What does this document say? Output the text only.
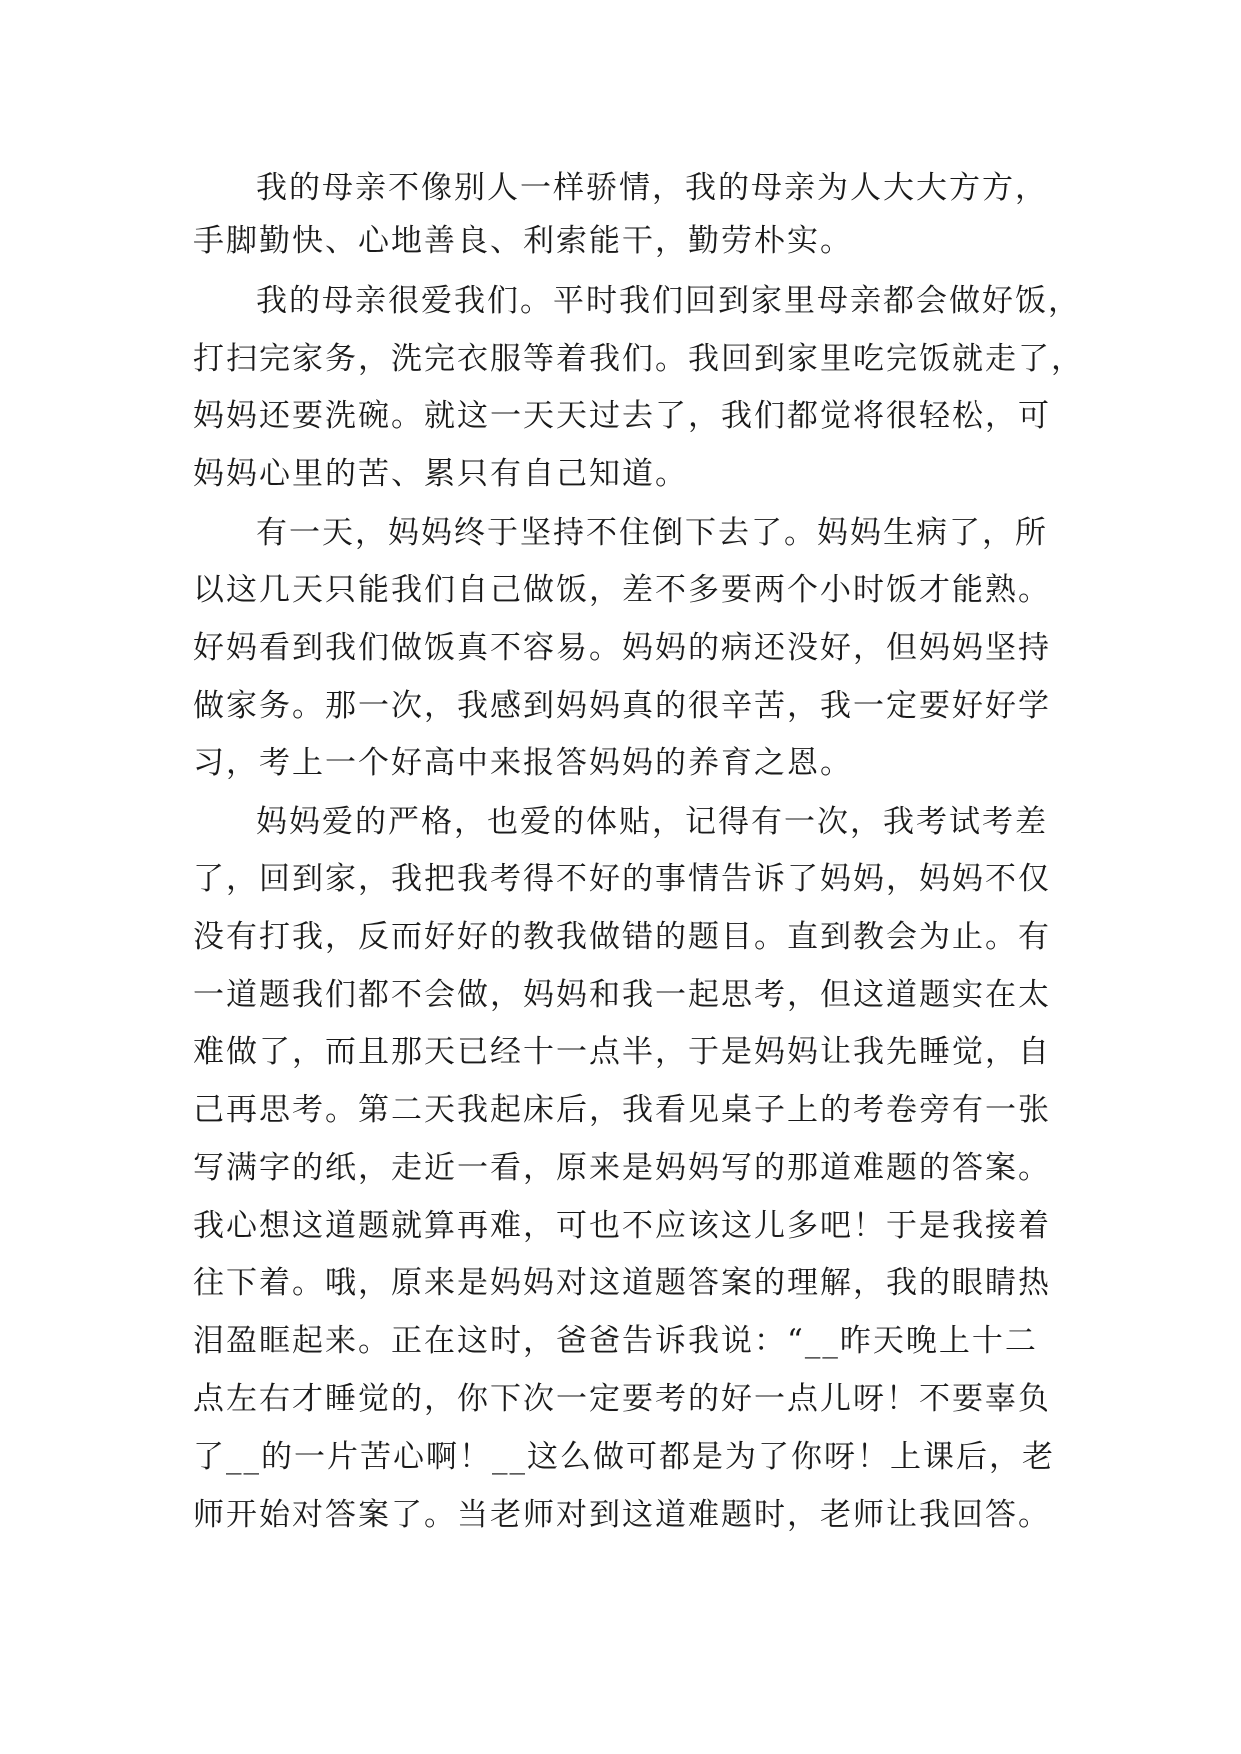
我的母亲不像别人一样骄情，我的母亲为人大大方方，
手脚勤快、心地善良、利索能干，勤劳朴实。
我的母亲很爱我们。平时我们回到家里母亲都会做好饭，
打扫完家务，洗完衣服等着我们。我回到家里吃完饭就走了，
妈妈还要洗碗。就这一天天过去了，我们都觉将很轻松，可
妈妈心里的苦、累只有自己知道。
有一天，妈妈终于坚持不住倒下去了。妈妈生病了，所
以这几天只能我们自己做饭，差不多要两个小时饭才能熟。
好妈看到我们做饭真不容易。妈妈的病还没好，但妈妈坚持
做家务。那一次，我感到妈妈真的很辛苦，我一定要好好学
习，考上一个好高中来报答妈妈的养育之恩。
妈妈爱的严格，也爱的体贴，记得有一次，我考试考差
了，回到家，我把我考得不好的事情告诉了妈妈，妈妈不仅
没有打我，反而好好的教我做错的题目。直到教会为止。有
一道题我们都不会做，妈妈和我一起思考，但这道题实在太
难做了，而且那天已经十一点半，于是妈妈让我先睡觉，自
己再思考。第二天我起床后，我看见桌子上的考卷旁有一张
写满字的纸，走近一看，原来是妈妈写的那道难题的答案。
我心想这道题就算再难，可也不应该这儿多吧！于是我接着
往下着。哦，原来是妈妈对这道题答案的理解，我的眼睛热
泪盈眶起来。正在这时，爸爸告诉我说：“__昨天晚上十二
点左右才睡觉的，你下次一定要考的好一点儿呀！不要辜负
了__的一片苦心啊！__这么做可都是为了你呀！上课后，老
师开始对答案了。当老师对到这道难题时，老师让我回答。
